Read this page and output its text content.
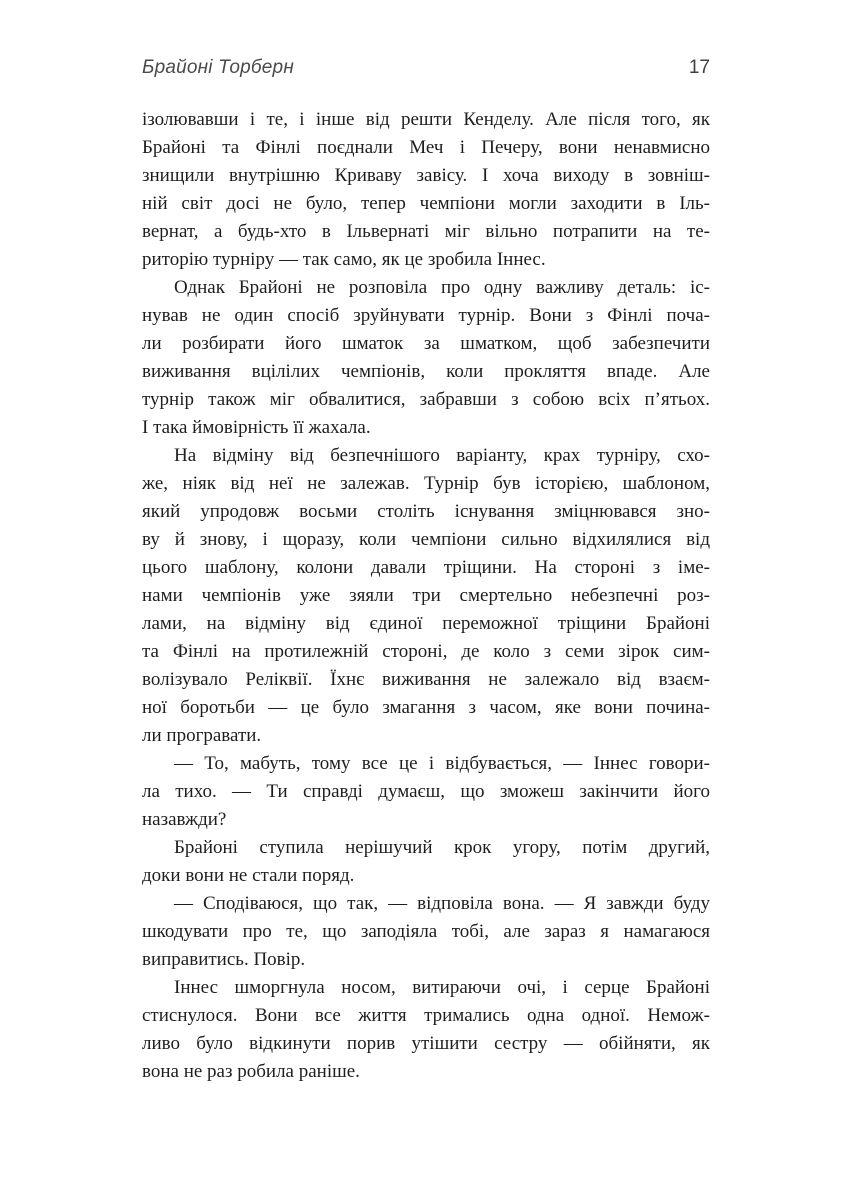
Брайоні Торберн	17
ізолювавши і те, і інше від решти Кенделу. Але після того, як
Брайоні та Фінлі поєднали Меч і Печеру, вони ненавмисно
знищили внутрішню Криваву завісу. І хоча виходу в зовніш-
ній світ досі не було, тепер чемпіони могли заходити в Іль-
вернат, а будь-хто в Ільвернаті міг вільно потрапити на те-
риторію турніру — так само, як це зробила Іннес.
Однак Брайоні не розповіла про одну важливу деталь: іс-
нував не один спосіб зруйнувати турнір. Вони з Фінлі поча-
ли розбирати його шматок за шматком, щоб забезпечити
виживання вцілілих чемпіонів, коли прокляття впаде. Але
турнір також міг обвалитися, забравши з собою всіх п’ятьох.
І така ймовірність її жахала.
На відміну від безпечнішого варіанту, крах турніру, схо-
же, ніяк від неї не залежав. Турнір був історією, шаблоном,
який упродовж восьми століть існування зміцнювався зно-
ву й знову, і щоразу, коли чемпіони сильно відхилялися від
цього шаблону, колони давали тріщини. На стороні з іме-
нами чемпіонів уже зяяли три смертельно небезпечні роз-
лами, на відміну від єдиної переможної тріщини Брайоні
та Фінлі на протилежній стороні, де коло з семи зірок сим-
волізувало Реліквії. Їхнє виживання не залежало від взаєм-
ної боротьби — це було змагання з часом, яке вони почина-
ли програвати.
— То, мабуть, тому все це і відбувається, — Іннес говори-
ла тихо. — Ти справді думаєш, що зможеш закінчити його
назавжди?
Брайоні ступила нерішучий крок угору, потім другий,
доки вони не стали поряд.
— Сподіваюся, що так, — відповіла вона. — Я завжди буду
шкодувати про те, що заподіяла тобі, але зараз я намагаюся
виправитись. Повір.
Іннес шморгнула носом, витираючи очі, і серце Брайоні
стиснулося. Вони все життя тримались одна одної. Немож-
ливо було відкинути порив утішити сестру — обійняти, як
вона не раз робила раніше.
